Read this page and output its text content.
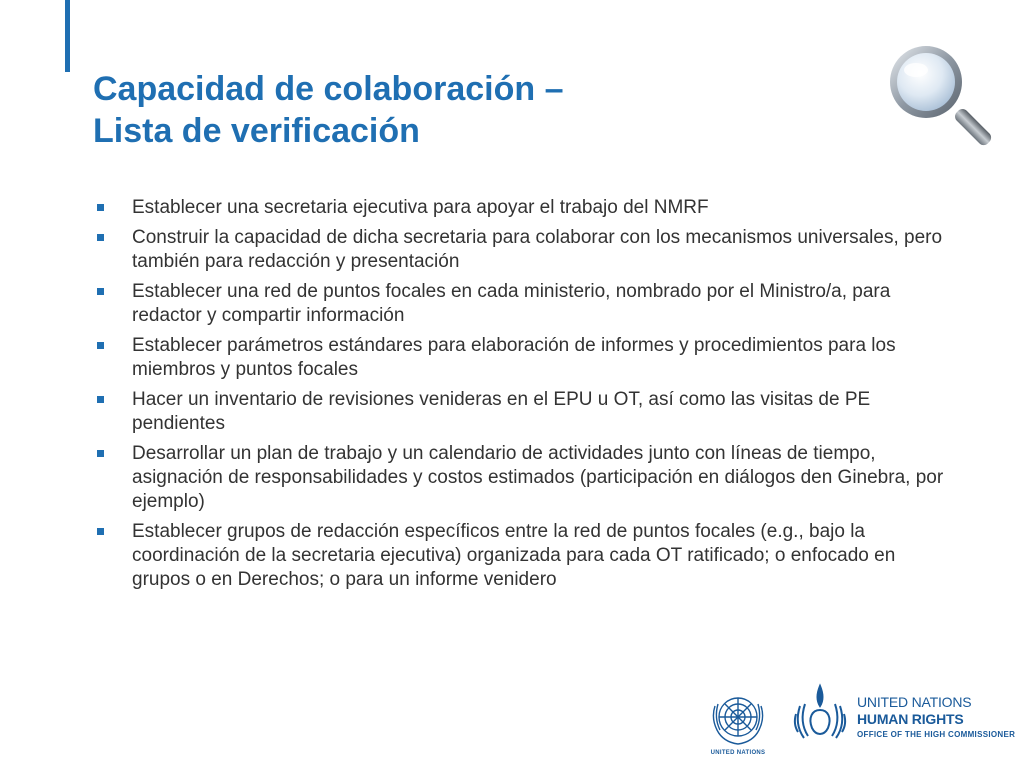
Capacidad de colaboración –
Lista de verificación
Establecer una secretaria ejecutiva para apoyar el trabajo del NMRF
Construir la capacidad de dicha secretaria para colaborar con los mecanismos universales, pero también para redacción y presentación
Establecer una red de puntos focales en cada ministerio, nombrado por el Ministro/a, para redactor y compartir información
Establecer parámetros estándares para elaboración de informes y procedimientos para los miembros y puntos focales
Hacer un inventario de revisiones venideras en el EPU u OT, así como las visitas de PE pendientes
Desarrollar un plan de trabajo y un calendario de actividades junto con líneas de tiempo, asignación de responsabilidades y costos estimados (participación en diálogos den Ginebra, por ejemplo)
Establecer grupos de redacción específicos entre la red de puntos focales (e.g., bajo la coordinación de la secretaria ejecutiva) organizada para cada OT ratificado; o enfocado en grupos o en Derechos; o para un informe venidero
UNITED NATIONS
UNITED NATIONS
HUMAN RIGHTS
OFFICE OF THE HIGH COMMISSIONER
